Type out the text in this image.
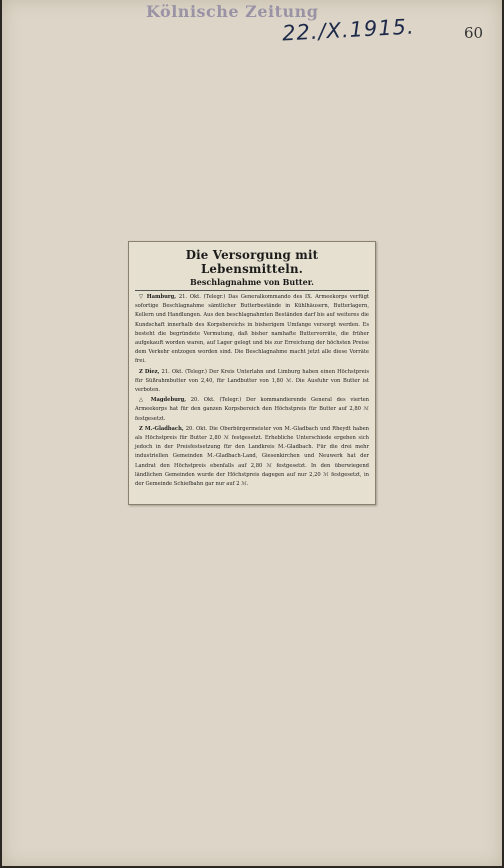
Kölnische Zeitung
22./X.1915.	60
Die Versorgung mit Lebensmitteln.
Beschlagnahme von Butter.

▽ Hamburg, 21. Okt. (Telegr.) Das Generalkommando des IX. Armeekorps verfügt sofortige Beschlagnahme sämtlicher Butterbestände in Kühlhäusern, Butterlagern, Kellern und Handlungen. Aus den beschlagnahmten Beständen darf bis auf weiteres die Kundschaft innerhalb des Korpsbereichs in bisherigem Umfange versorgt werden. Es besteht die begründete Vermutung, daß bisher namhafte Buttervorräte, die früher aufgekauft worden waren, auf Lager gelegt und bis zur Erreichung der höchsten Preise dem Verkehr entzogen worden sind. Die Beschlagnahme macht jetzt alle diese Vorräte frei.

Z Diez, 21. Okt. (Telegr.) Der Kreis Unterlahn und Limburg haben einen Höchstpreis für Süßrahmbutter von 2,40, für Landbutter von 1,80 ℳ. Die Ausfuhr von Butter ist verboten.

△ Magdeburg, 20. Okt. (Telegr.) Der kommandierende General des vierten Armeekorps hat für den ganzen Korpsbereich den Höchstpreis für Butter auf 2,80 ℳ festgesetzt.

Z M.-Gladbach, 20. Okt. Die Oberbürgermeister von M.-Gladbach und Rheydt haben als Höchstpreis für Butter 2,80 ℳ festgesetzt. Erhebliche Unterschiede ergeben sich jedoch in der Preisfestsetzung für den Landkreis M.-Gladbach. Für die drei mehr industriellen Gemeinden M.-Gladbach-Land, Giesenkirchen und Neuwerk hat der Landrat den Höchstpreis ebenfalls auf 2,80 ℳ festgesetzt. In den überwiegend ländlichen Gemeinden wurde der Höchstpreis dagegen auf nur 2,20 ℳ festgesetzt, in der Gemeinde Schiefbahn gar nur auf 2 ℳ.
